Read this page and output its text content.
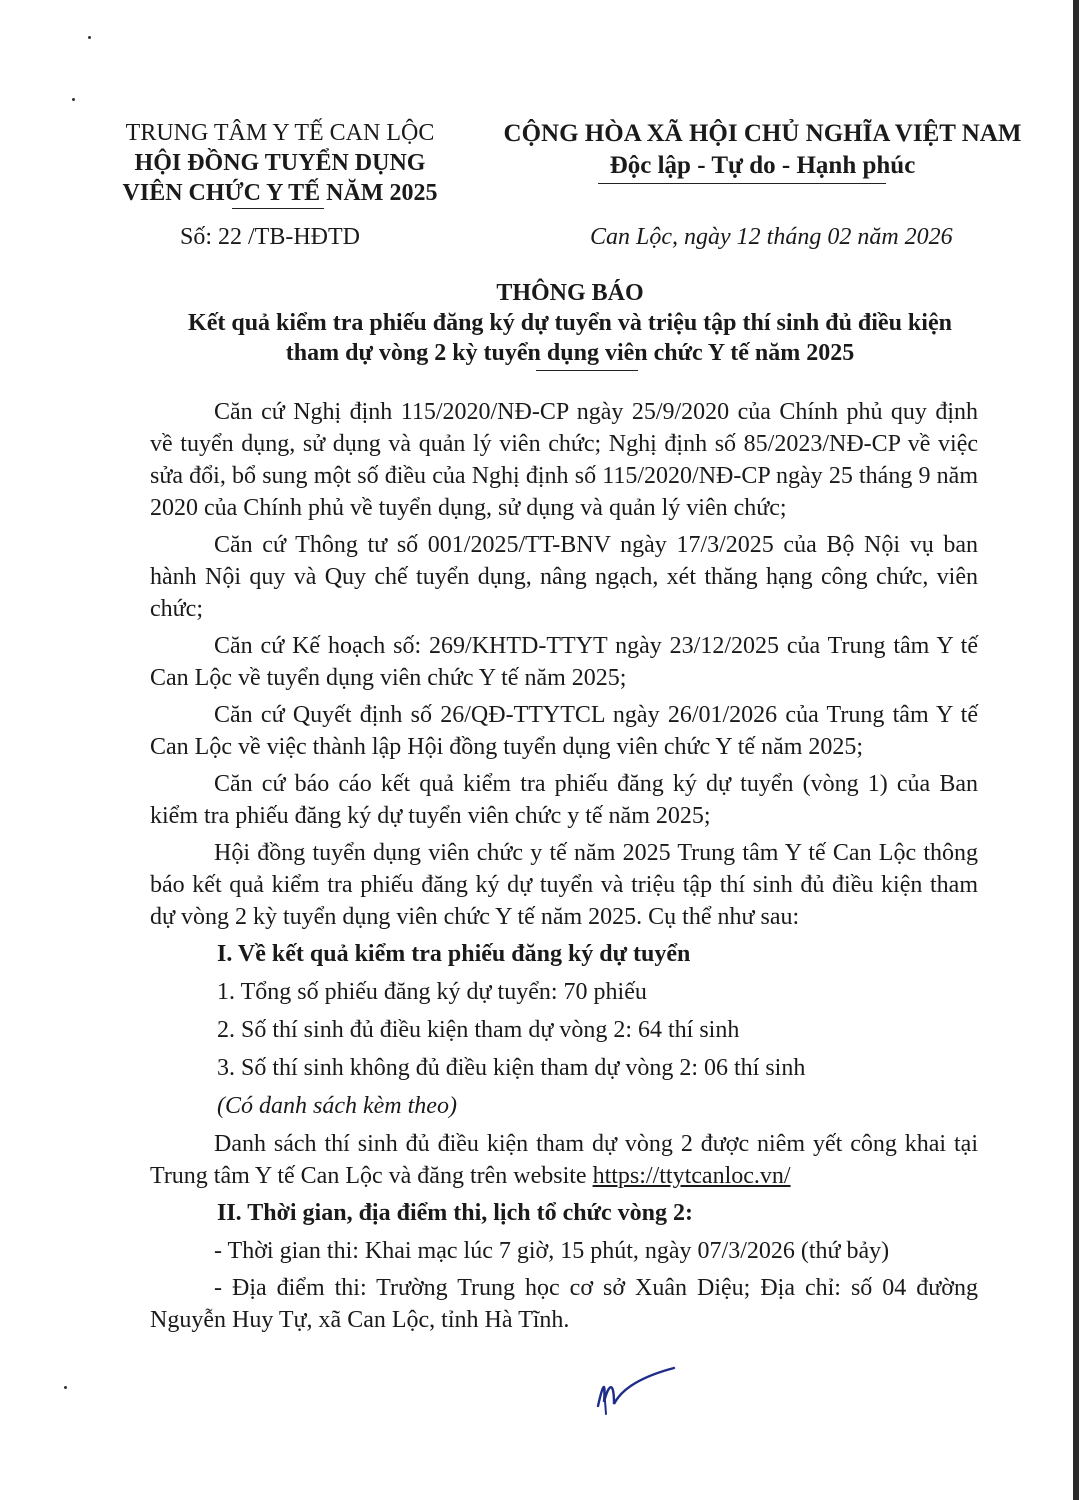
TRUNG TÂM Y TẾ CAN LỘC
HỘI ĐỒNG TUYỂN DỤNG
VIÊN CHỨC Y TẾ NĂM 2025
CỘNG HÒA XÃ HỘI CHỦ NGHĨA VIỆT NAM
Độc lập - Tự do - Hạnh phúc
Số: 22 /TB-HĐTD	Can Lộc, ngày 12 tháng 02 năm 2026
THÔNG BÁO
Kết quả kiểm tra phiếu đăng ký dự tuyển và triệu tập thí sinh đủ điều kiện
tham dự vòng 2 kỳ tuyển dụng viên chức Y tế năm 2025

Căn cứ Nghị định 115/2020/NĐ-CP ngày 25/9/2020 của Chính phủ quy định về tuyển dụng, sử dụng và quản lý viên chức; Nghị định số 85/2023/NĐ-CP về việc sửa đổi, bổ sung một số điều của Nghị định số 115/2020/NĐ-CP ngày 25 tháng 9 năm 2020 của Chính phủ về tuyển dụng, sử dụng và quản lý viên chức;

Căn cứ Thông tư số 001/2025/TT-BNV ngày 17/3/2025 của Bộ Nội vụ ban hành Nội quy và Quy chế tuyển dụng, nâng ngạch, xét thăng hạng công chức, viên chức;

Căn cứ Kế hoạch số: 269/KHTD-TTYT ngày 23/12/2025 của Trung tâm Y tế Can Lộc về tuyển dụng viên chức Y tế năm 2025;

Căn cứ Quyết định số 26/QĐ-TTYTCL ngày 26/01/2026 của Trung tâm Y tế Can Lộc về việc thành lập Hội đồng tuyển dụng viên chức Y tế năm 2025;

Căn cứ báo cáo kết quả kiểm tra phiếu đăng ký dự tuyển (vòng 1) của Ban kiểm tra phiếu đăng ký dự tuyển viên chức y tế năm 2025;

Hội đồng tuyển dụng viên chức y tế năm 2025 Trung tâm Y tế Can Lộc thông báo kết quả kiểm tra phiếu đăng ký dự tuyển và triệu tập thí sinh đủ điều kiện tham dự vòng 2 kỳ tuyển dụng viên chức Y tế năm 2025. Cụ thể như sau:

I. Về kết quả kiểm tra phiếu đăng ký dự tuyển

1. Tổng số phiếu đăng ký dự tuyển: 70 phiếu

2. Số thí sinh đủ điều kiện tham dự vòng 2: 64 thí sinh

3. Số thí sinh không đủ điều kiện tham dự vòng 2: 06 thí sinh

(Có danh sách kèm theo)

Danh sách thí sinh đủ điều kiện tham dự vòng 2 được niêm yết công khai tại Trung tâm Y tế Can Lộc và đăng trên website https://ttytcanloc.vn/

II. Thời gian, địa điểm thi, lịch tổ chức vòng 2:

- Thời gian thi: Khai mạc lúc 7 giờ, 15 phút, ngày 07/3/2026 (thứ bảy)

- Địa điểm thi: Trường Trung học cơ sở Xuân Diệu; Địa chỉ: số 04 đường Nguyễn Huy Tự, xã Can Lộc, tỉnh Hà Tĩnh.
